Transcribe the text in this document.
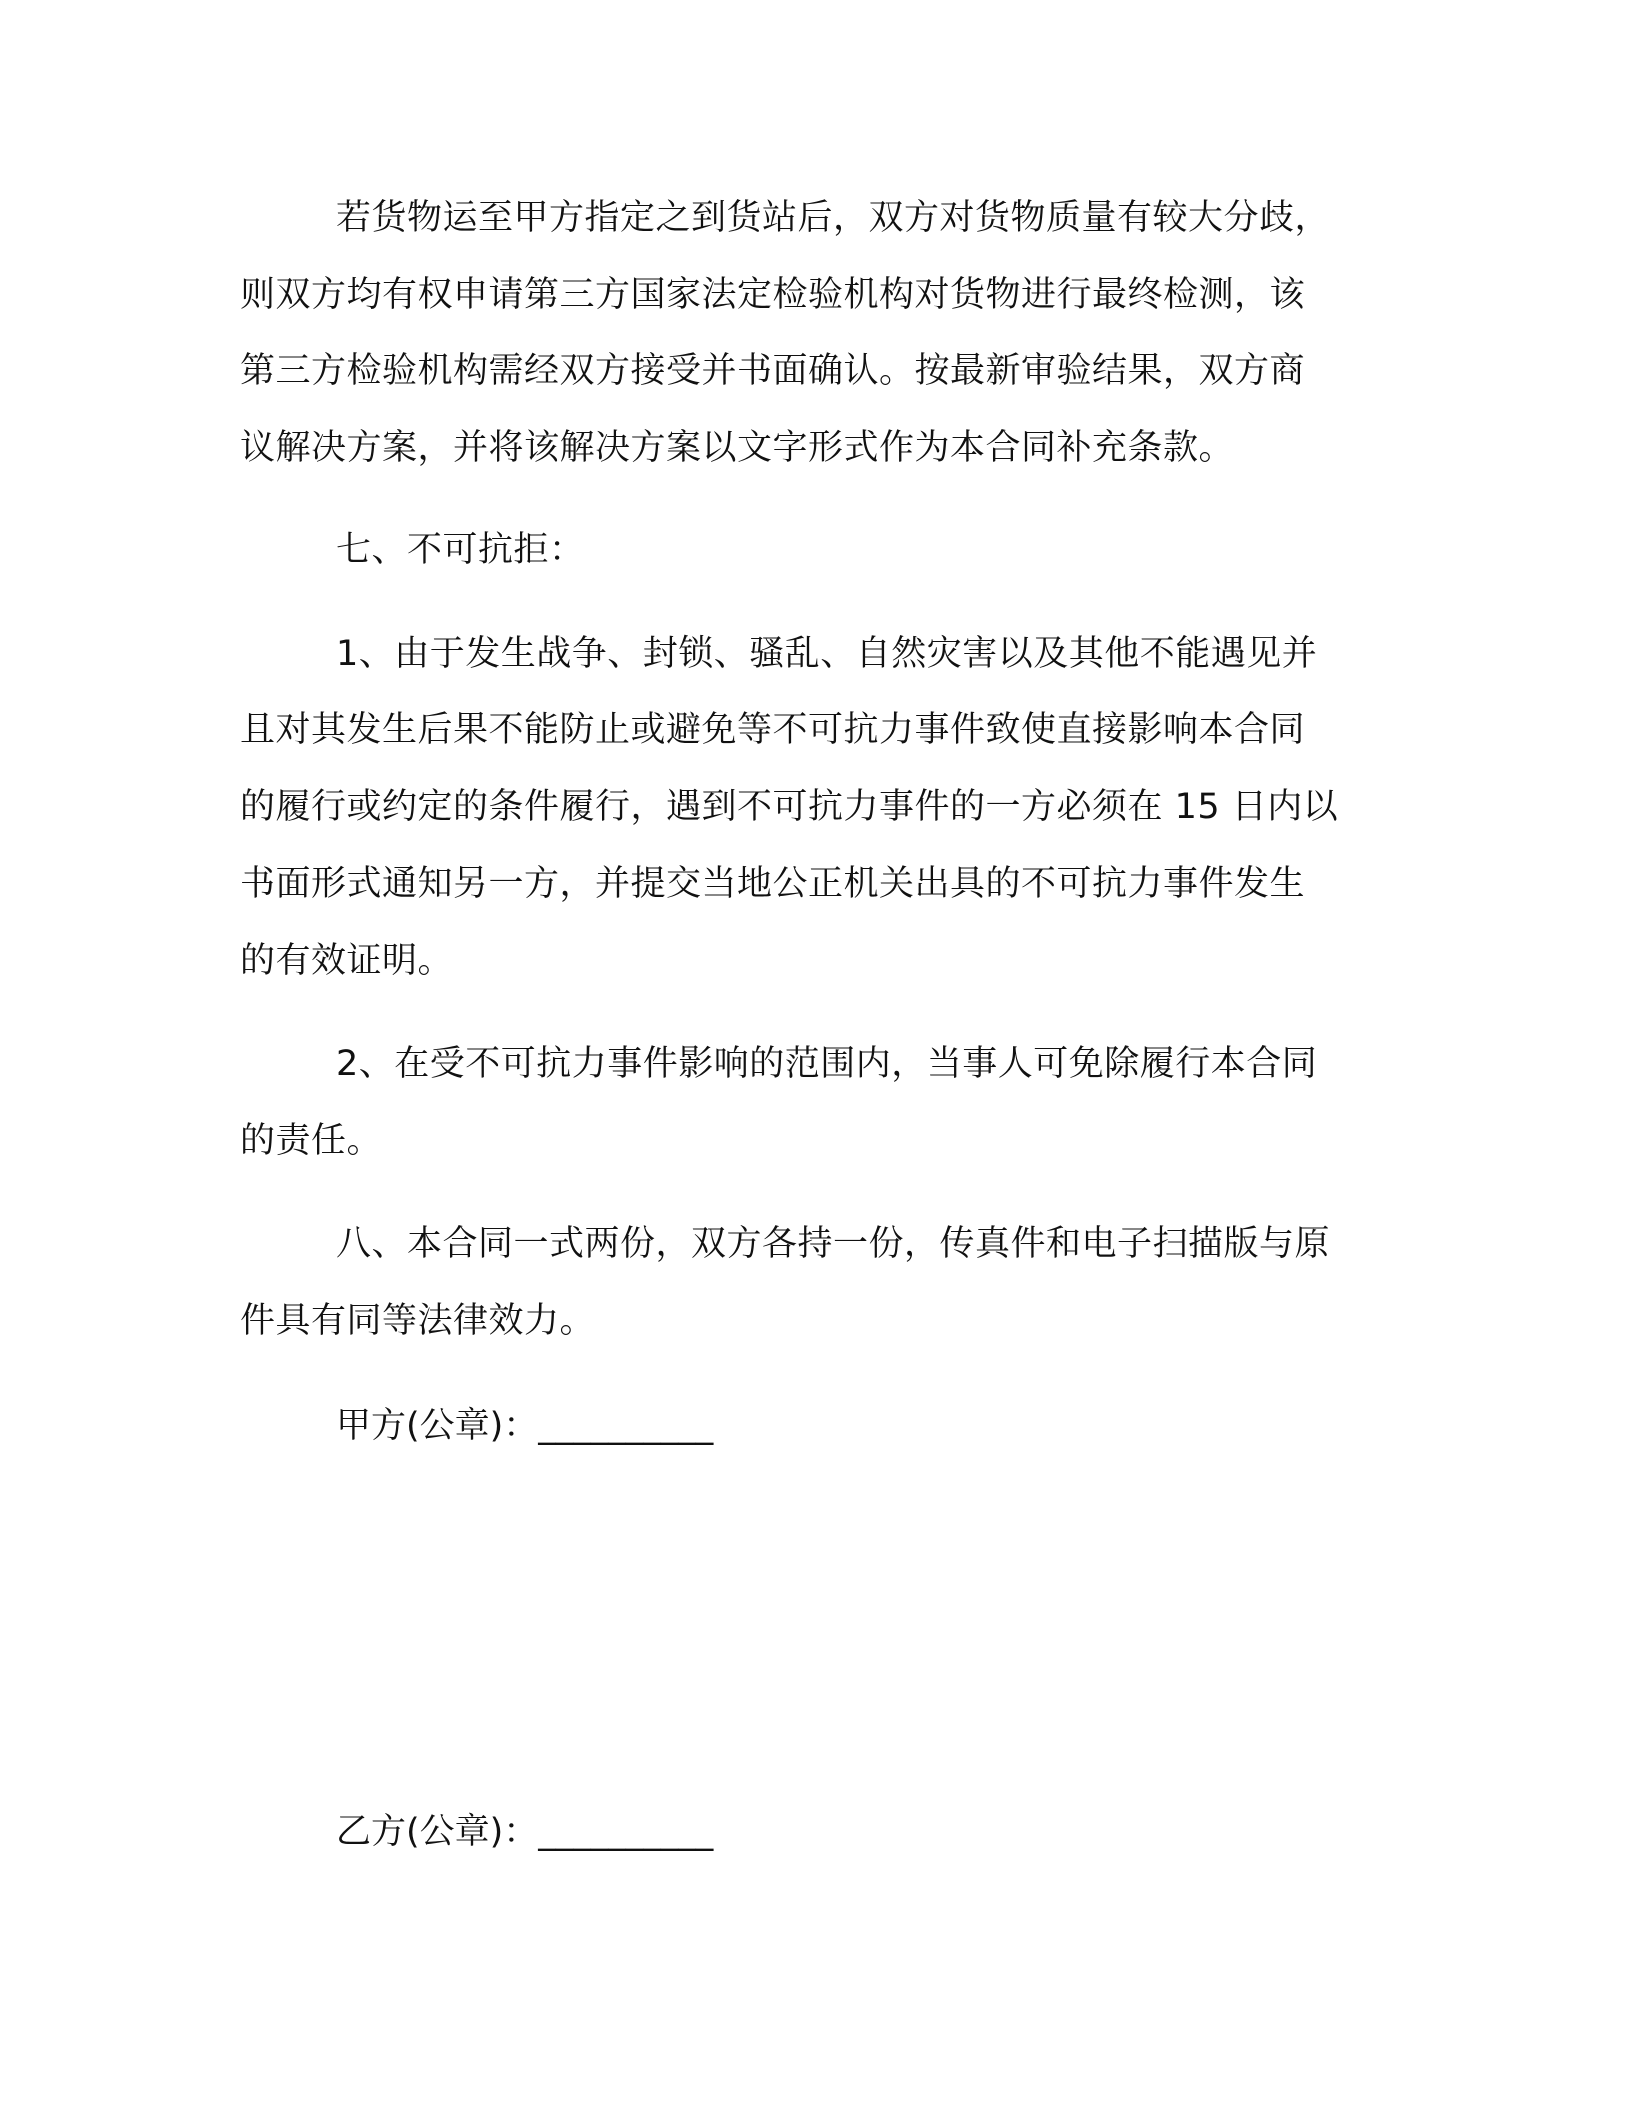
若货物运至甲方指定之到货站后，双方对货物质量有较大分歧，
则双方均有权申请第三方国家法定检验机构对货物进行最终检测，该
第三方检验机构需经双方接受并书面确认。按最新审验结果，双方商
议解决方案，并将该解决方案以文字形式作为本合同补充条款。
七、不可抗拒：
1、由于发生战争、封锁、骚乱、自然灾害以及其他不能遇见并
且对其发生后果不能防止或避免等不可抗力事件致使直接影响本合同
的履行或约定的条件履行，遇到不可抗力事件的一方必须在 15 日内以
书面形式通知另一方，并提交当地公正机关出具的不可抗力事件发生
的有效证明。
2、在受不可抗力事件影响的范围内，当事人可免除履行本合同
的责任。
八、本合同一式两份，双方各持一份，传真件和电子扫描版与原
件具有同等法律效力。
甲方(公章)：__________
乙方(公章)：__________
